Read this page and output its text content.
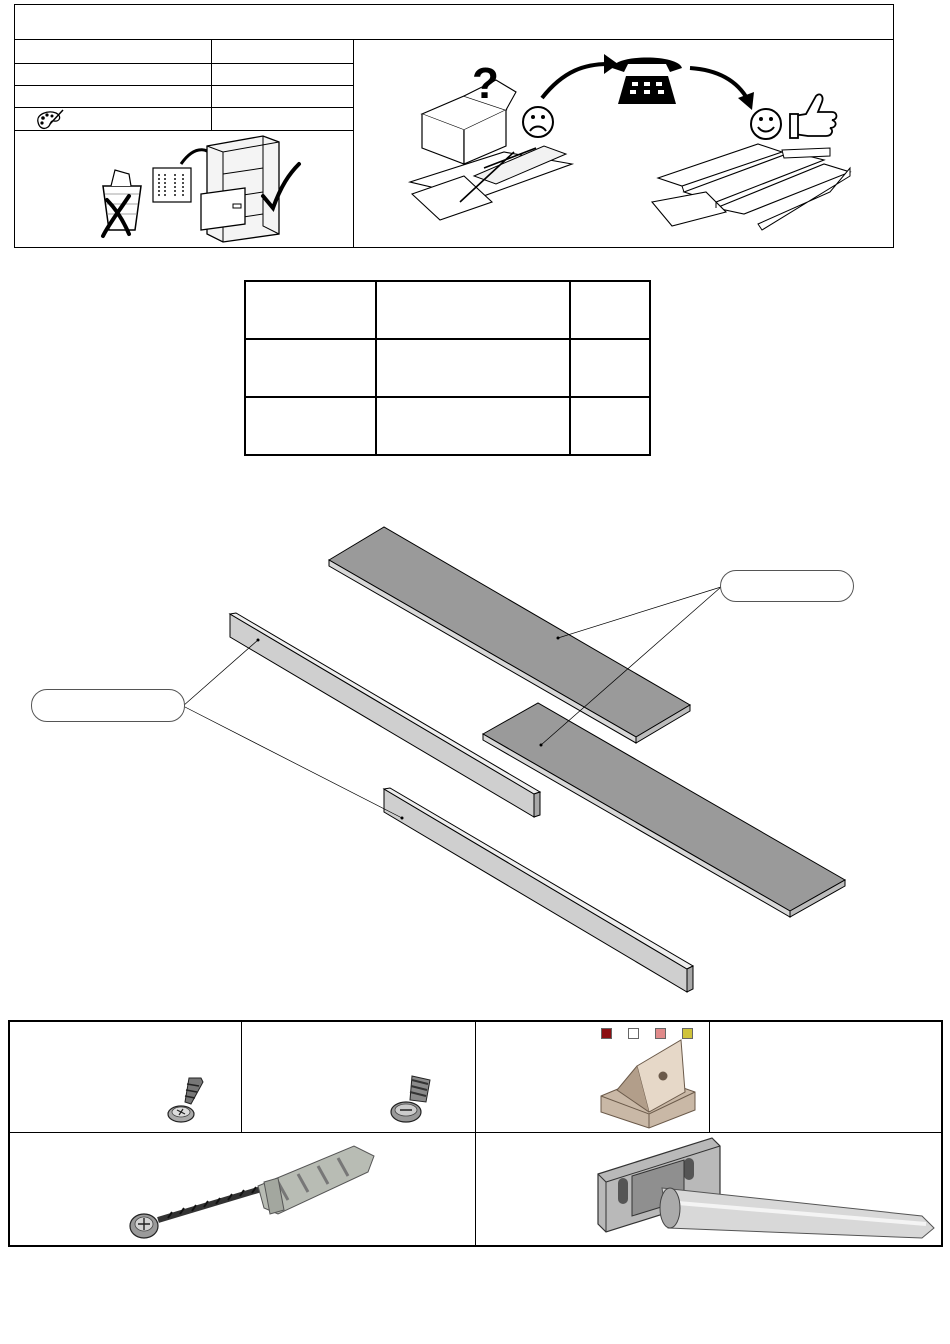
?
